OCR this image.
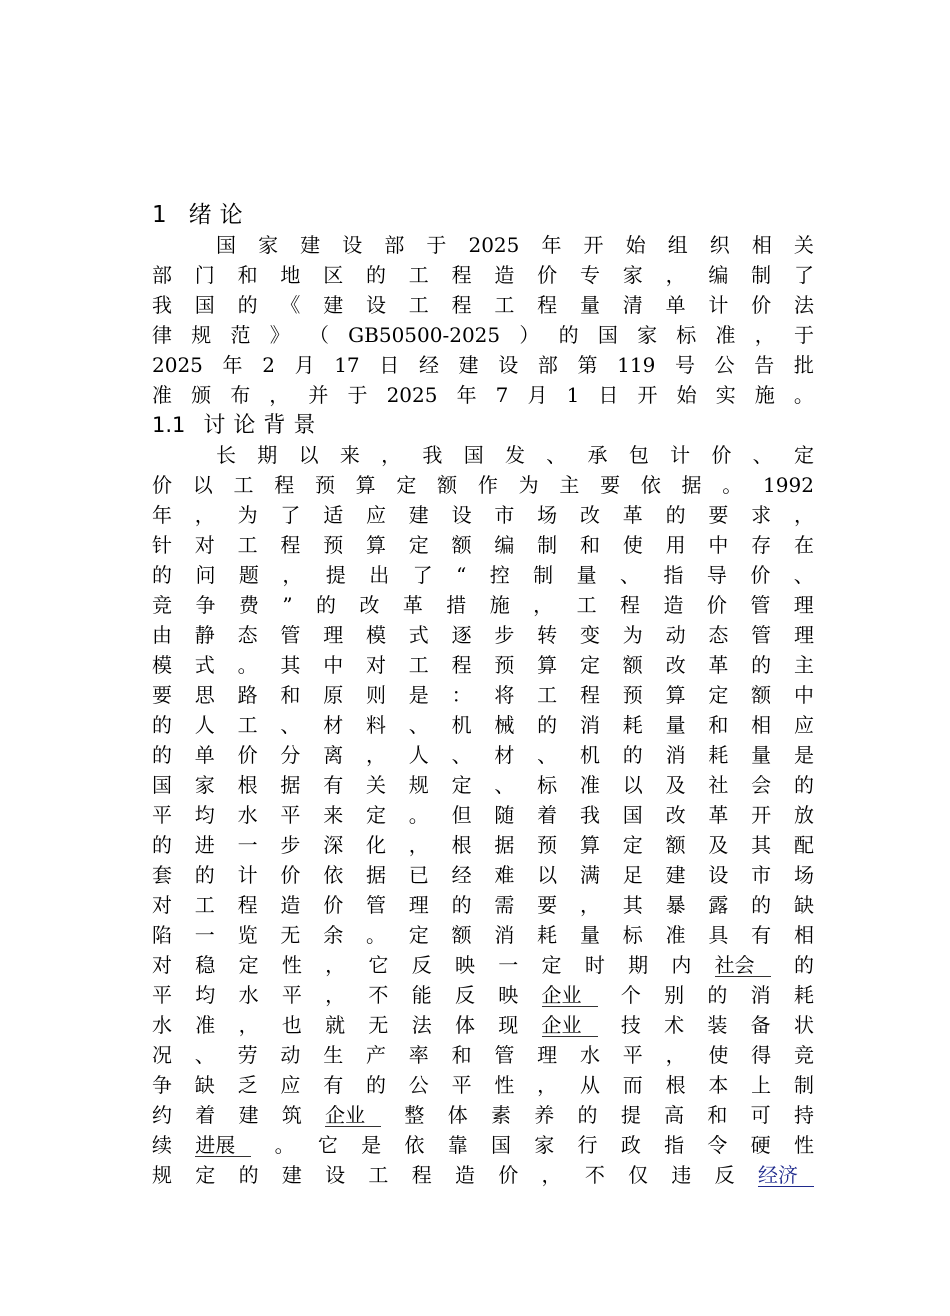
1 绪论
国 家 建 设 部 于 2025 年 开 始 组 织 相 关
部 门 和 地 区 的 工 程 造 价 专 家 ， 编 制 了
我 国 的 《 建 设 工 程 工 程 量 清 单 计 价 法
律 规 范 》 （ GB50500-2025 ） 的 国 家 标 准 ， 于
2025 年 2 月 17 日 经 建 设 部 第 119 号 公 告 批
准 颁 布 ， 并 于 2025 年 7 月 1 日 开 始 实 施 。
1.1 讨论背景
长 期 以 来 ， 我 国 发 、 承 包 计 价 、 定
价 以 工 程 预 算 定 额 作 为 主 要 依 据 。 1992
年 ， 为 了 适 应 建 设 市 场 改 革 的 要 求 ，
针 对 工 程 预 算 定 额 编 制 和 使 用 中 存 在
的 问 题 ， 提 出 了 “ 控 制 量 、 指 导 价 、
竞 争 费 ” 的 改 革 措 施 ， 工 程 造 价 管 理
由 静 态 管 理 模 式 逐 步 转 变 为 动 态 管 理
模 式 。 其 中 对 工 程 预 算 定 额 改 革 的 主
要 思 路 和 原 则 是 ： 将 工 程 预 算 定 额 中
的 人 工 、 材 料 、 机 械 的 消 耗 量 和 相 应
的 单 价 分 离 ， 人 、 材 、 机 的 消 耗 量 是
国 家 根 据 有 关 规 定 、 标 准 以 及 社 会 的
平 均 水 平 来 定 。 但 随 着 我 国 改 革 开 放
的 进 一 步 深 化 ， 根 据 预 算 定 额 及 其 配
套 的 计 价 依 据 已 经 难 以 满 足 建 设 市 场
对 工 程 造 价 管 理 的 需 要 ， 其 暴 露 的 缺
陷 一 览 无 余 。 定 额 消 耗 量 标 准 具 有 相
对 稳 定 性 ， 它 反 映 一 定 时 期 内 社会	的
平 均 水 平 ， 不 能 反 映 企业	个 别 的 消 耗
水 准 ， 也 就 无 法 体 现 企业	技 术 装 备 状
况 、 劳 动 生 产 率 和 管 理 水 平 ， 使 得 竞
争 缺 乏 应 有 的 公 平 性 ， 从 而 根 本 上 制
约 着 建 筑 企业	整 体 素 养 的 提 高 和 可 持
续 进展	。 它 是 依 靠 国 家 行 政 指 令 硬 性
规 定 的 建 设 工 程 造 价 ， 不 仅 违 反 经济
